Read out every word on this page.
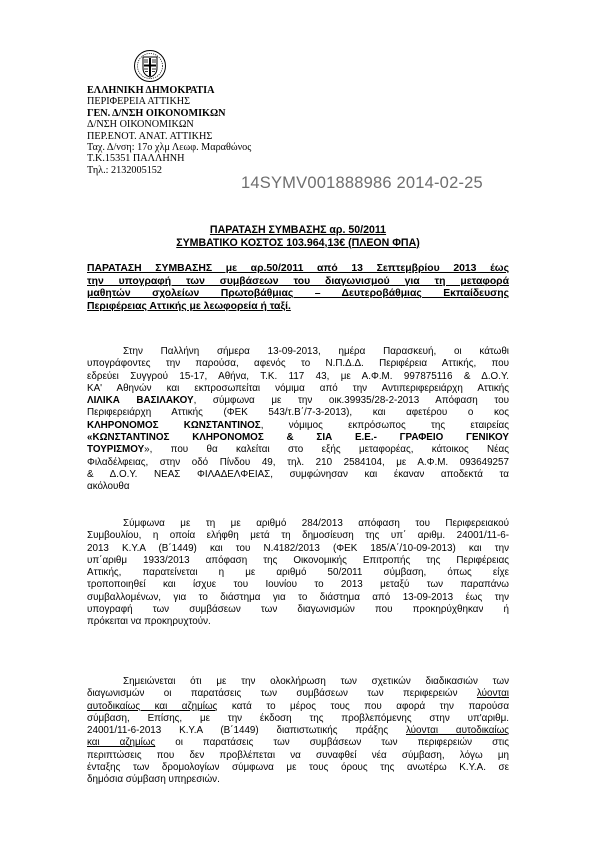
ΕΛΛΗΝΙΚΗ ΔΗΜΟΚΡΑΤΙΑ
ΠΕΡΙΦΕΡΕΙΑ ΑΤΤΙΚΗΣ
ΓΕΝ. Δ/ΝΣΗ ΟΙΚΟΝΟΜΙΚΩΝ
Δ/ΝΣΗ ΟΙΚΟΝΟΜΙΚΩΝ
ΠΕΡ.ΕΝΟΤ. ΑΝΑΤ. ΑΤΤΙΚΗΣ
Ταχ. Δ/νση: 17ο χλμ Λεωφ. Μαραθώνος
Τ.Κ.15351 ΠΑΛΛΗΝΗ
Τηλ.: 2132005152
14SYMV001888986 2014-02-25
ΠΑΡΑΤΑΣΗ ΣΥΜΒΑΣΗΣ αρ. 50/2011
ΣΥΜΒΑΤΙΚΟ ΚΟΣΤΟΣ 103.964,13€ (ΠΛΕΟΝ ΦΠΑ)
ΠΑΡΑΤΑΣΗ ΣΥΜΒΑΣΗΣ με αρ.50/2011 από 13 Σεπτεμβρίου 2013 έως
την υπογραφή των συμβάσεων του διαγωνισμού για τη μεταφορά
μαθητών σχολείων Πρωτοβάθμιας – Δευτεροβάθμιας Εκπαίδευσης
Περιφέρειας Αττικής με λεωφορεία ή ταξί.
Στην Παλλήνη σήμερα 13-09-2013, ημέρα Παρασκευή, οι κάτωθι
υπογράφοντες την παρούσα, αφενός το Ν.Π.Δ.Δ. Περιφέρεια Αττικής, που
εδρεύει Συγγρού 15-17, Αθήνα, Τ.Κ. 117 43, με Α.Φ.Μ. 997875116 & Δ.Ο.Υ.
ΚΑ' Αθηνών και εκπροσωπείται νόμιμα από την Αντιπεριφερειάρχη Αττικής
ΛΙΛΙΚΑ ΒΑΣΙΛΑΚΟΥ, σύμφωνα με την οικ.39935/28-2-2013 Απόφαση του
Περιφερειάρχη Αττικής (ΦΕΚ 543/τ.Β΄/7-3-2013), και αφετέρου ο κος
ΚΛΗΡΟΝΟΜΟΣ ΚΩΝΣΤΑΝΤΙΝΟΣ, νόμιμος εκπρόσωπος της εταιρείας
«ΚΩΝΣΤΑΝΤΙΝΟΣ ΚΛΗΡΟΝΟΜΟΣ & ΣΙΑ Ε.Ε.- ΓΡΑΦΕΙΟ ΓΕΝΙΚΟΥ
ΤΟΥΡΙΣΜΟΥ», που θα καλείται στο εξής μεταφορέας, κάτοικος Νέας
Φιλαδέλφειας, στην οδό Πίνδου 49, τηλ. 210 2584104, με Α.Φ.Μ. 093649257
& Δ.Ο.Υ. ΝΕΑΣ ΦΙΛΑΔΕΛΦΕΙΑΣ, συμφώνησαν και έκαναν αποδεκτά τα
ακόλουθα
Σύμφωνα με τη με αριθμό 284/2013 απόφαση του Περιφερειακού
Συμβουλίου, η οποία ελήφθη μετά τη δημοσίευση της υπ΄ αριθμ. 24001/11-6-
2013 Κ.Υ.Α (Β΄1449) και του Ν.4182/2013 (ΦΕΚ 185/Α΄/10-09-2013) και την
υπ΄αριθμ 1933/2013 απόφαση της Οικονομικής Επιτροπής της Περιφέρειας
Αττικής, παρατείνεται η με αριθμό 50/2011 σύμβαση, όπως είχε
τροποποιηθεί και ίσχυε του Ιουνίου το 2013 μεταξύ των παραπάνω
συμβαλλομένων, για το διάστημα για το διάστημα από 13-09-2013 έως την
υπογραφή των συμβάσεων των διαγωνισμών που προκηρύχθηκαν ή
πρόκειται να προκηρυχτούν.
Σημειώνεται ότι με την ολοκλήρωση των σχετικών διαδικασιών των
διαγωνισμών οι παρατάσεις των συμβάσεων των περιφερειών λύονται
αυτοδικαίως και αζημίως κατά το μέρος τους που αφορά την παρούσα
σύμβαση, Επίσης, με την έκδοση της προβλεπόμενης στην υπ'αριθμ.
24001/11-6-2013 Κ.Υ.Α (Β΄1449) διαπιστωτικής πράξης λύονται αυτοδικαίως
και αζημίως οι παρατάσεις των συμβάσεων των περιφερειών στις
περιπτώσεις που δεν προβλέπεται να συναφθεί νέα σύμβαση, λόγω μη
ένταξης των δρομολογίων σύμφωνα με τους όρους της ανωτέρω Κ.Υ.Α. σε
δημόσια σύμβαση υπηρεσιών.
